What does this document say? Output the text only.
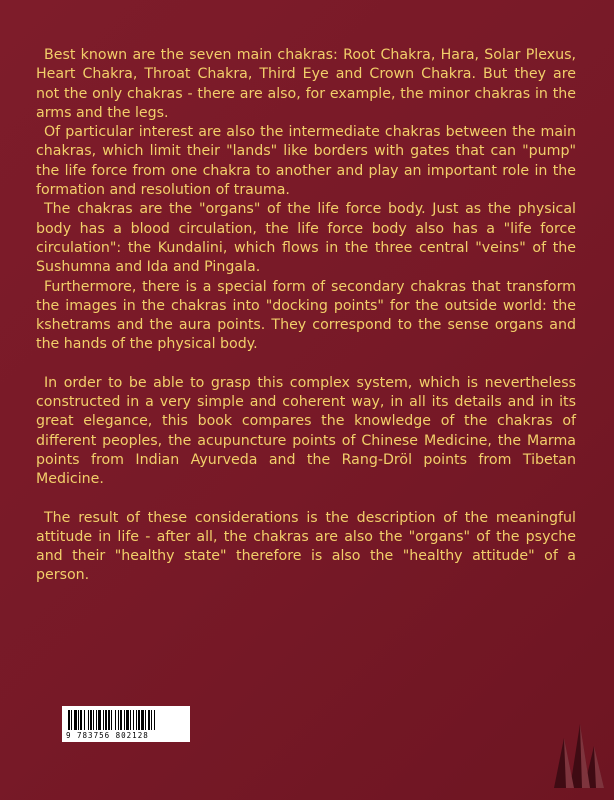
Best known are the seven main chakras: Root Chakra, Hara, Solar Plexus, Heart Chakra, Throat Chakra, Third Eye and Crown Chakra. But they are not the only chakras - there are also, for example, the minor chakras in the arms and the legs.

Of particular interest are also the intermediate chakras between the main chakras, which limit their "lands" like borders with gates that can "pump" the life force from one chakra to another and play an important role in the formation and resolution of trauma.

The chakras are the "organs" of the life force body. Just as the physical body has a blood circulation, the life force body also has a "life force circulation": the Kundalini, which flows in the three central "veins" of the Sushumna and Ida and Pingala.

Furthermore, there is a special form of secondary chakras that transform the images in the chakras into "docking points" for the outside world: the kshetrams and the aura points. They correspond to the sense organs and the hands of the physical body.

In order to be able to grasp this complex system, which is nevertheless constructed in a very simple and coherent way, in all its details and in its great elegance, this book compares the knowledge of the chakras of different peoples, the acupuncture points of Chinese Medicine, the Marma points from Indian Ayurveda and the Rang-Dröl points from Tibetan Medicine.

The result of these considerations is the description of the meaningful attitude in life - after all, the chakras are also the "organs" of the psyche and their "healthy state" therefore is also the "healthy attitude" of a person.

9 783756 802128
